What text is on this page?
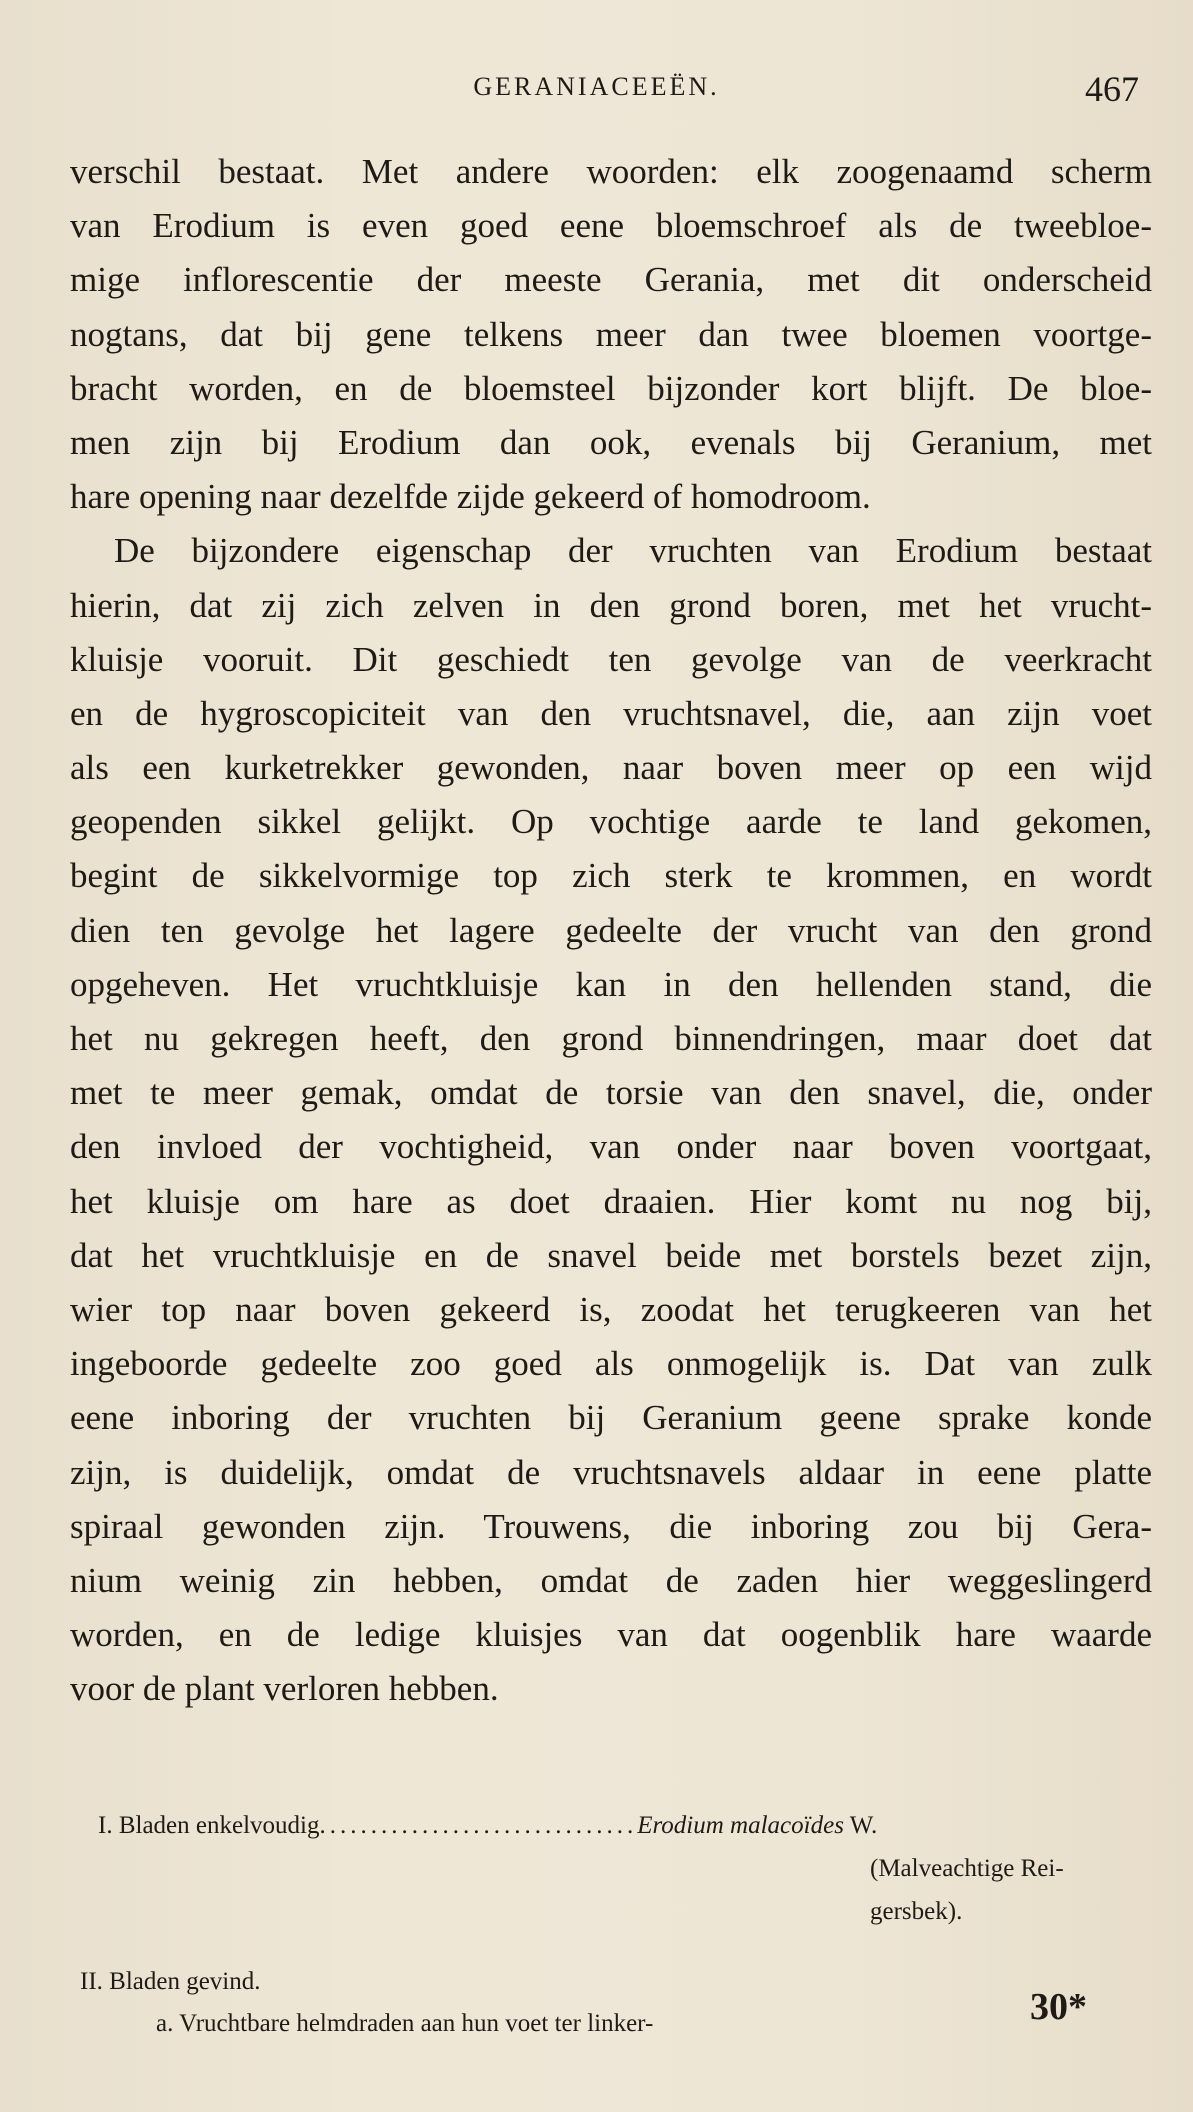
GERANIACEEËN.	467
verschil bestaat. Met andere woorden: elk zoogenaamd scherm
van Erodium is even goed eene bloemschroef als de tweebloe-
mige inflorescentie der meeste Gerania, met dit onderscheid
nogtans, dat bij gene telkens meer dan twee bloemen voortge-
bracht worden, en de bloemsteel bijzonder kort blijft. De bloe-
men zijn bij Erodium dan ook, evenals bij Geranium, met
hare opening naar dezelfde zijde gekeerd of homodroom.
De bijzondere eigenschap der vruchten van Erodium bestaat
hierin, dat zij zich zelven in den grond boren, met het vrucht-
kluisje vooruit. Dit geschiedt ten gevolge van de veerkracht
en de hygroscopiciteit van den vruchtsnavel, die, aan zijn voet
als een kurketrekker gewonden, naar boven meer op een wijd
geopenden sikkel gelijkt. Op vochtige aarde te land gekomen,
begint de sikkelvormige top zich sterk te krommen, en wordt
dien ten gevolge het lagere gedeelte der vrucht van den grond
opgeheven. Het vruchtkluisje kan in den hellenden stand, die
het nu gekregen heeft, den grond binnendringen, maar doet dat
met te meer gemak, omdat de torsie van den snavel, die, onder
den invloed der vochtigheid, van onder naar boven voortgaat,
het kluisje om hare as doet draaien. Hier komt nu nog bij,
dat het vruchtkluisje en de snavel beide met borstels bezet zijn,
wier top naar boven gekeerd is, zoodat het terugkeeren van het
ingeboorde gedeelte zoo goed als onmogelijk is. Dat van zulk
eene inboring der vruchten bij Geranium geene sprake konde
zijn, is duidelijk, omdat de vruchtsnavels aldaar in eene platte
spiraal gewonden zijn. Trouwens, die inboring zou bij Gera-
nium weinig zin hebben, omdat de zaden hier weggeslingerd
worden, en de ledige kluisjes van dat oogenblik hare waarde
voor de plant verloren hebben.
I. Bladen enkelvoudig...............................Erodium malacoïdes W.
(Malveachtige Rei-
gersbek).
II. Bladen gevind.
a. Vruchtbare helmdraden aan hun voet ter linker-	30*
